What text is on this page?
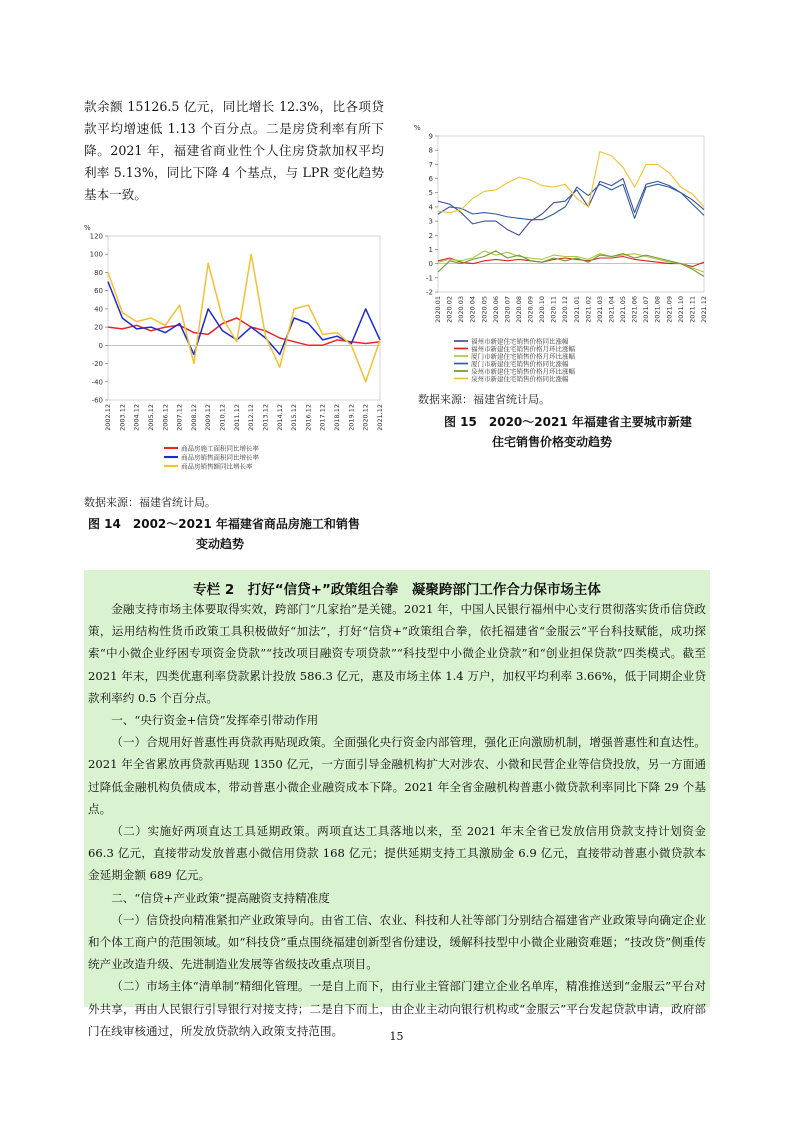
款余额 15126.5 亿元，同比增长 12.3%，比各项贷款平均增速低 1.13 个百分点。二是房贷利率有所下降。2021 年，福建省商业性个人住房贷款加权平均利率 5.13%，同比下降 4 个基点，与 LPR 变化趋势基本一致。

%
-60
-40
-20
0
20
40
60
80
100
120
2002.12 2003.12 2004.12 2005.12 2006.12 2007.12 2008.12 2009.12 2010.12 2011.12 2012.12 2013.12 2014.12 2015.12 2016.12 2017.12 2018.12 2019.12 2020.12 2021.12
商品房施工面积同比增长率
商品房销售面积同比增长率
商品房销售额同比增长率
数据来源：福建省统计局。
图 14　2002～2021 年福建省商品房施工和销售
变动趋势
%
-2
-1
0
1
2
3
4
5
6
7
8
9
2020.01 2020.02 2020.03 2020.04 2020.05 2020.06 2020.07 2020.08 2020.09 2020.10 2020.11 2020.12 2021.01 2021.02 2021.03 2021.04 2021.05 2021.06 2021.07 2021.08 2021.09 2021.10 2021.11 2021.12
福州市新建住宅销售价格同比涨幅
福州市新建住宅销售价格月环比涨幅
厦门市新建住宅销售价格月环比涨幅
厦门市新建住宅销售价格同比涨幅
泉州市新建住宅销售价格月环比涨幅
泉州市新建住宅销售价格同比涨幅
数据来源：福建省统计局。
图 15　2020～2021 年福建省主要城市新建
住宅销售价格变动趋势
专栏 2　打好“信贷+”政策组合拳　凝聚跨部门工作合力保市场主体

金融支持市场主体要取得实效，跨部门“几家抬”是关键。2021 年，中国人民银行福州中心支行贯彻落实货币信贷政策，运用结构性货币政策工具积极做好“加法”，打好“信贷+”政策组合拳，依托福建省“金服云”平台科技赋能，成功探索“中小微企业纾困专项资金贷款”“技改项目融资专项贷款”“科技型中小微企业贷款”和“创业担保贷款”四类模式。截至 2021 年末，四类优惠利率贷款累计投放 586.3 亿元，惠及市场主体 1.4 万户，加权平均利率 3.66%，低于同期企业贷款利率约 0.5 个百分点。

一、“央行资金+信贷”发挥牵引带动作用

（一）合规用好普惠性再贷款再贴现政策。全面强化央行资金内部管理，强化正向激励机制，增强普惠性和直达性。2021 年全省累放再贷款再贴现 1350 亿元，一方面引导金融机构扩大对涉农、小微和民营企业等信贷投放，另一方面通过降低金融机构负债成本，带动普惠小微企业融资成本下降。2021 年全省金融机构普惠小微贷款利率同比下降 29 个基点。

（二）实施好两项直达工具延期政策。两项直达工具落地以来，至 2021 年末全省已发放信用贷款支持计划资金 66.3 亿元，直接带动发放普惠小微信用贷款 168 亿元；提供延期支持工具激励金 6.9 亿元，直接带动普惠小微贷款本金延期金额 689 亿元。

二、“信贷+产业政策”提高融资支持精准度

（一）信贷投向精准紧扣产业政策导向。由省工信、农业、科技和人社等部门分别结合福建省产业政策导向确定企业和个体工商户的范围领域。如“科技贷”重点围绕福建创新型省份建设，缓解科技型中小微企业融资难题；“技改贷”侧重传统产业改造升级、先进制造业发展等省级技改重点项目。

（二）市场主体“清单制”精细化管理。一是自上而下，由行业主管部门建立企业名单库，精准推送到“金服云”平台对外共享，再由人民银行引导银行对接支持；二是自下而上，由企业主动向银行机构或“金服云”平台发起贷款申请，政府部门在线审核通过，所发放贷款纳入政策支持范围。	15
